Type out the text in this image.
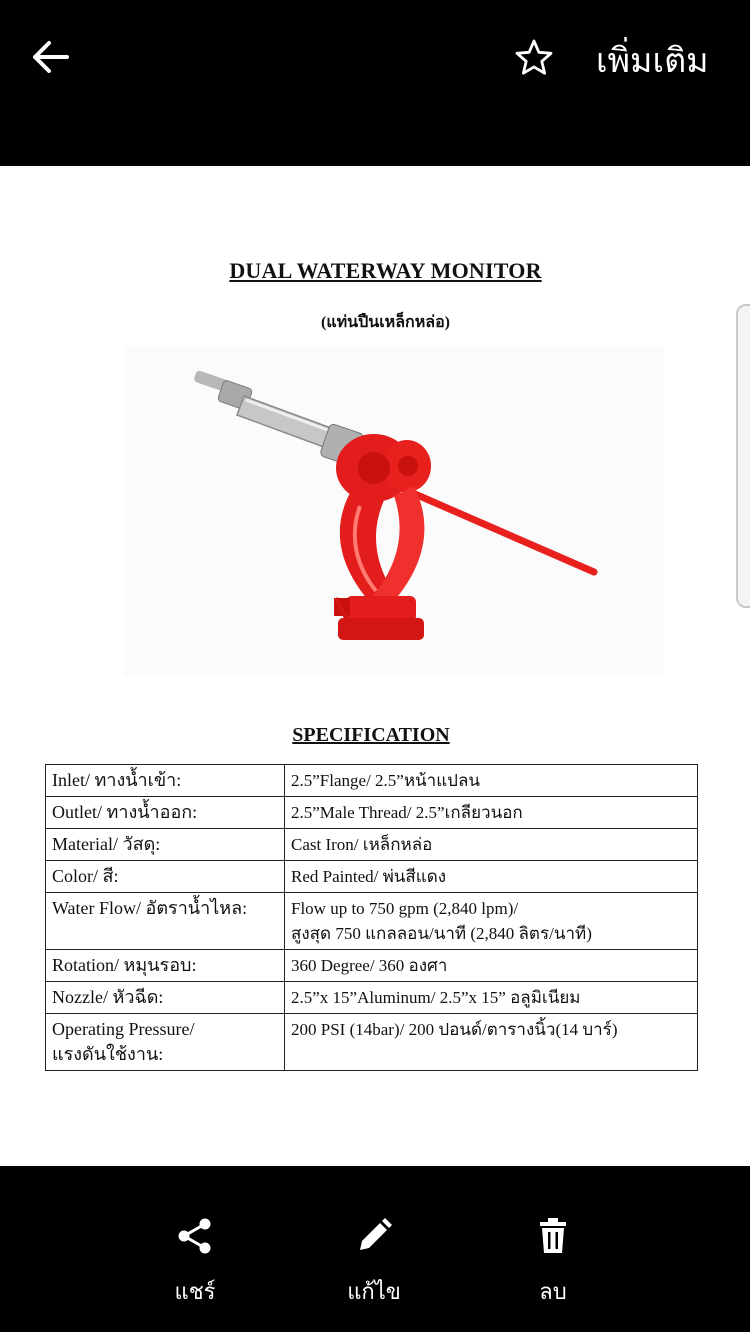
เพิ่มเติม
DUAL WATERWAY MONITOR
(แท่นปืนเหล็กหล่อ)
SPECIFICATION
Inlet/ ทางน้ำเข้า:	2.5”Flange/ 2.5”หน้าแปลน
Outlet/ ทางน้ำออก:	2.5”Male Thread/ 2.5”เกลียวนอก
Material/ วัสดุ:	Cast Iron/ เหล็กหล่อ
Color/ สี:	Red Painted/ พ่นสีแดง
Water Flow/ อัตราน้ำไหล:	Flow up to 750 gpm (2,840 lpm)/
สูงสุด 750 แกลลอน/นาที (2,840 ลิตร/นาที)

Rotation/ หมุนรอบ:	360 Degree/ 360 องศา
Nozzle/ หัวฉีด:	2.5”x 15”Aluminum/ 2.5”x 15” อลูมิเนียม

Operating Pressure/
แรงดันใช้งาน:	200 PSI (14bar)/ 200 ปอนด์/ตารางนิ้ว(14 บาร์)
แชร์	แก้ไข	ลบ
